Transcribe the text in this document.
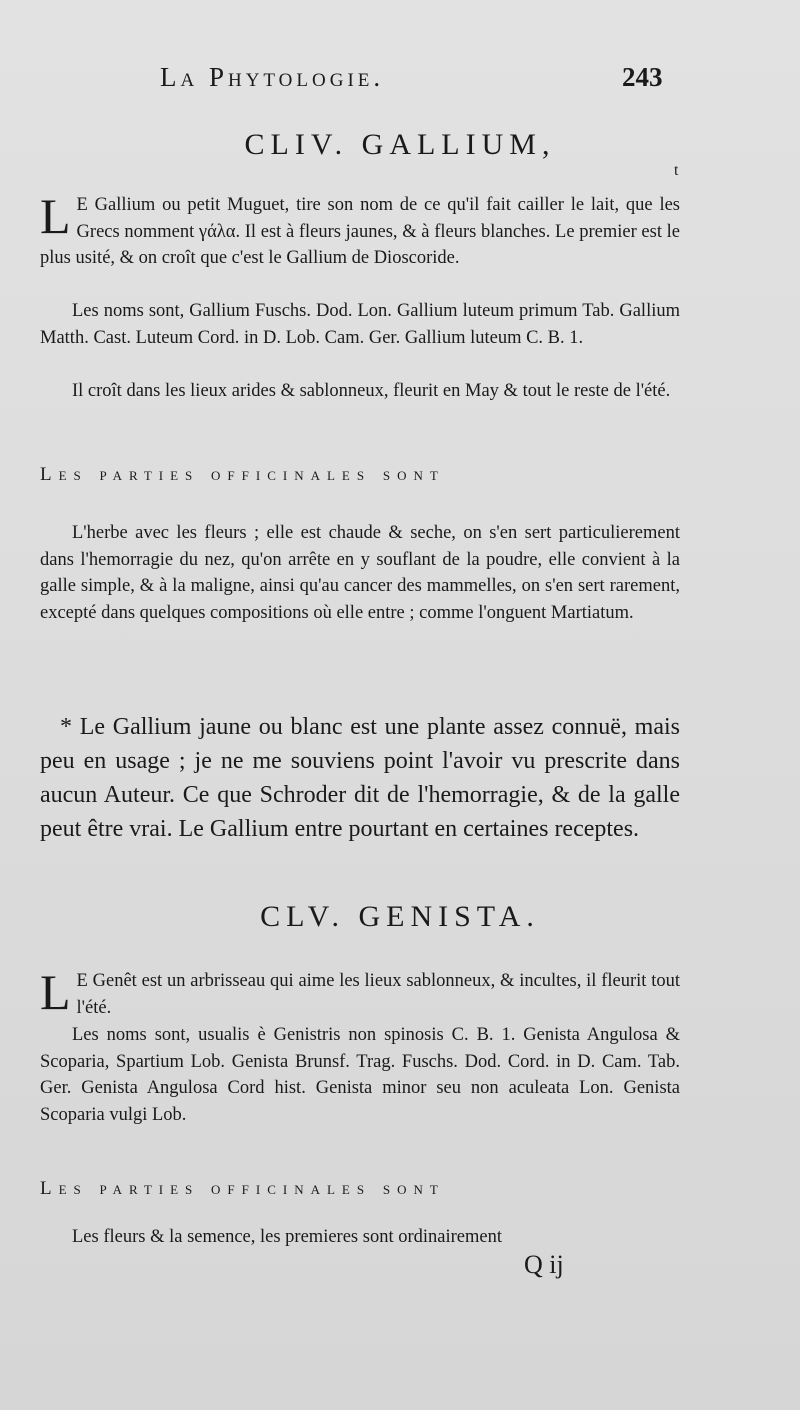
La Phytologie.	243
CLIV. GALLIUM,
t

L E Gallium ou petit Muguet, tire son nom de ce qu'il fait cailler le lait, que les Grecs nomment γάλα. Il est à fleurs jaunes, & à fleurs blanches. Le premier est le plus usité, & on croît que c'est le Gallium de Dioscoride.

Les noms sont, Gallium Fuschs. Dod. Lon. Gallium luteum primum Tab. Gallium Matth. Cast. Luteum Cord. in D. Lob. Cam. Ger. Gallium luteum C. B. 1.

Il croît dans les lieux arides & sablonneux, fleurit en May & tout le reste de l'été.

Les parties officinales sont

L'herbe avec les fleurs ; elle est chaude & seche, on s'en sert particulierement dans l'hemorragie du nez, qu'on arrête en y souflant de la poudre, elle convient à la galle simple, & à la maligne, ainsi qu'au cancer des mammelles, on s'en sert rarement, excepté dans quelques compositions où elle entre ; comme l'onguent Martiatum.

* Le Gallium jaune ou blanc est une plante assez connuë, mais peu en usage ; je ne me souviens point l'avoir vu prescrite dans aucun Auteur. Ce que Schroder dit de l'hemorragie, & de la galle peut être vrai. Le Gallium entre pourtant en certaines receptes.

CLV. GENISTA.

L E Genêt est un arbrisseau qui aime les lieux sablonneux, & incultes, il fleurit tout l'été.

Les noms sont, usualis è Genistris non spinosis C. B. 1. Genista Angulosa & Scoparia, Spartium Lob. Genista Brunsf. Trag. Fuschs. Dod. Cord. in D. Cam. Tab. Ger. Genista Angulosa Cord hist. Genista minor seu non aculeata Lon. Genista Scoparia vulgi Lob.

Les parties officinales sont

Les fleurs & la semence, les premieres sont ordinairement

Q ij
